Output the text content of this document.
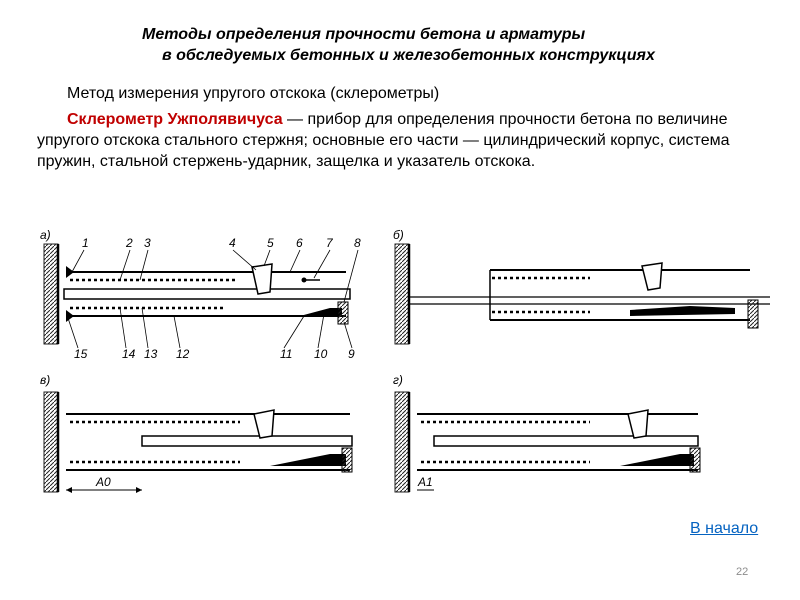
Методы определения прочности бетона и арматуры
в обследуемых бетонных и железобетонных конструкциях
Метод измерения упругого отскока (склерометры)
Склерометр Ужполявичуса — прибор для определения прочности бетона по величине упругого отскока стального стержня; основные его части — цилиндрический корпус, система пружин, стальной стержень-ударник, защелка и указатель отскока.
а)
1	2 3	4	5 6 7 8
15	14 13 12	11 10 9
б)
в)
A0
г)
A1
В начало
22
